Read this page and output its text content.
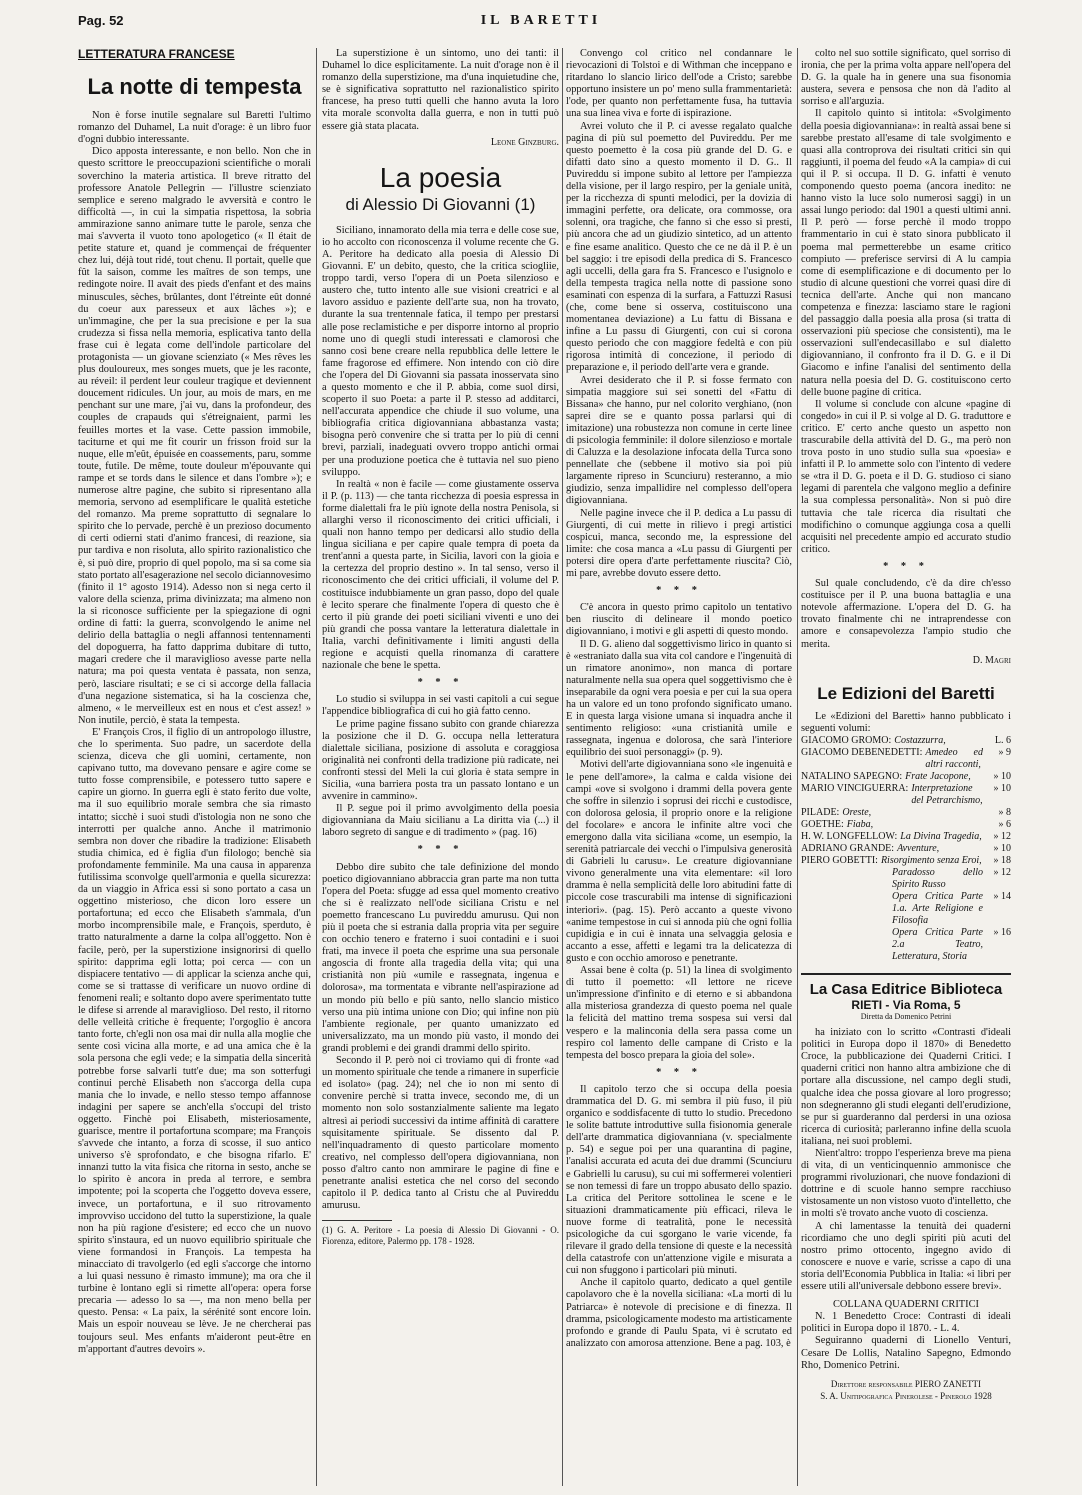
Pag. 52	IL BARETTI

LETTERATURA FRANCESE

La notte di tempesta

Non è forse inutile segnalare sul Baretti l'ultimo romanzo del Duhamel, La nuit d'orage: è un libro fuor d'ogni dubbio interessante.

Dico apposta interessante, e non bello. Non che in questo scrittore le preoccupazioni scientifiche o morali soverchino la materia artistica. Il breve ritratto del professore Anatole Pellegrin — l'illustre scienziato semplice e sereno malgrado le avversità e contro le difficoltà —, in cui la simpatia rispettosa, la sobria ammirazione sanno animare tutte le parole, senza che mai s'avverta il vuoto tono apologetico (« Il était de petite stature et, quand je commençai de fréquenter chez lui, déjà tout ridé, tout chenu. Il portait, quelle que fût la saison, comme les maîtres de son temps, une redingote noire. Il avait des pieds d'enfant et des mains minuscules, sèches, brûlantes, dont l'étreinte eût donné du coeur aux paresseux et aux lâches »); e un'immagine, che per la sua precisione e per la sua crudezza si fissa nella memoria, esplicativa tanto della frase cui è legata come dell'indole particolare del protagonista — un giovane scienziato (« Mes rêves les plus douloureux, mes songes muets, que je les raconte, au réveil: il perdent leur couleur tragique et deviennent doucement ridicules. Un jour, au mois de mars, en me penchant sur une mare, j'ai vu, dans la profondeur, des couples de crapauds qui s'étreignaient, parmi les feuilles mortes et la vase. Cette passion immobile, taciturne et qui me fit courir un frisson froid sur la nuque, elle m'eût, épuisée en coassements, paru, somme toute, futile. De même, toute douleur m'épouvante qui rampe et se tords dans le silence et dans l'ombre »); e numerose altre pagine, che subito si ripresentano alla memoria, servono ad esemplificare le qualità estetiche del romanzo. Ma preme soprattutto di segnalare lo spirito che lo pervade, perchè è un prezioso documento di certi odierni stati d'animo francesi, di reazione, sia pur tardiva e non risoluta, allo spirito razionalistico che è, si può dire, proprio di quel popolo, ma si sa come sia stato portato all'esagerazione nel secolo diciannovesimo (finito il 1° agosto 1914). Adesso non si nega certo il valore della scienza, prima divinizzata; ma almeno non la si riconosce sufficiente per la spiegazione di ogni ordine di fatti: la guerra, sconvolgendo le anime nel delirio della battaglia o negli affannosi tentennamenti del dopoguerra, ha fatto dapprima dubitare di tutto, magari credere che il maraviglioso avesse parte nella natura; ma poi questa ventata è passata, non senza, però, lasciare risultati; e se ci si accorge della fallacia d'una negazione sistematica, si ha la coscienza che, almeno, « le merveilleux est en nous et c'est assez! » Non inutile, perciò, è stata la tempesta.

E' François Cros, il figlio di un antropologo illustre, che lo sperimenta. Suo padre, un sacerdote della scienza, diceva che gli uomini, certamente, non capivano tutto, ma dovevano pensare e agire come se tutto fosse comprensibile, e potessero tutto sapere e capire un giorno. In guerra egli è stato ferito due volte, ma il suo equilibrio morale sembra che sia rimasto intatto; sicchè i suoi studi d'istologia non ne sono che interrotti per qualche anno. Anche il matrimonio sembra non dover che ribadire la tradizione: Elisabeth studia chimica, ed è figlia d'un filologo; benchè sia profondamente femminile. Ma una causa in apparenza futilissima sconvolge quell'armonia e quella sicurezza: da un viaggio in Africa essi si sono portato a casa un oggettino misterioso, che dicon loro essere un portafortuna; ed ecco che Elisabeth s'ammala, d'un morbo incomprensibile male, e François, sperduto, è tratto naturalmente a darne la colpa all'oggetto. Non è facile, però, per la superstizione insignorirsi di quello spirito: dapprima egli lotta; poi cerca — con un dispiacere tentativo — di applicar la scienza anche qui, come se si trattasse di verificare un nuovo ordine di fenomeni reali; e soltanto dopo avere sperimentato tutte le difese si arrende al maraviglioso. Del resto, il ritorno delle velleità critiche è frequente; l'orgoglio è ancora tanto forte, ch'egli non osa mai dir nulla alla moglie che sente così vicina alla morte, e ad una amica che è la sola persona che egli vede; e la simpatia della sincerità potrebbe forse salvarli tutt'e due; ma son sotterfugi continui perchè Elisabeth non s'accorga della cupa mania che lo invade, e nello stesso tempo affannose indagini per sapere se anch'ella s'occupi del tristo oggetto. Finchè poi Elisabeth, misteriosamente, guarisce, mentre il portafortuna scompare; ma François s'avvede che intanto, a forza di scosse, il suo antico universo s'è sprofondato, e che bisogna rifarlo. E' innanzi tutto la vita fisica che ritorna in sesto, anche se lo spirito è ancora in preda al terrore, e sembra impotente; poi la scoperta che l'oggetto doveva essere, invece, un portafortuna, e il suo ritrovamento improvviso uccidono del tutto la superstizione, la quale non ha più ragione d'esistere; ed ecco che un nuovo spirito s'instaura, ed un nuovo equilibrio spirituale che viene formandosi in François. La tempesta ha minacciato di travolgerlo (ed egli s'accorge che intorno a lui quasi nessuno è rimasto immune); ma ora che il turbine è lontano egli si rimette all'opera: opera forse precaria — adesso lo sa —, ma non meno bella per questo. Pensa: « La paix, la sérénité sont encore loin. Mais un espoir nouveau se lève. Je ne chercherai pas toujours seul. Mes enfants m'aideront peut-être en m'apportant d'autres devoirs ».

La superstizione è un sintomo, uno dei tanti: il Duhamel lo dice esplicitamente. La nuit d'orage non è il romanzo della superstizione, ma d'una inquietudine che, se è significativa soprattutto nel razionalistico spirito francese, ha preso tutti quelli che hanno avuta la loro vita morale sconvolta dalla guerra, e non in tutti può essere già stata placata.

Leone Ginzburg.

La poesia

di Alessio Di Giovanni (1)

Siciliano, innamorato della mia terra e delle cose sue, io ho accolto con riconoscenza il volume recente che G. A. Peritore ha dedicato alla poesia di Alessio Di Giovanni. E' un debito, questo, che la critica sciogliie, troppo tardi, verso l'opera di un Poeta silenzioso e austero che, tutto intento alle sue visioni creatrici e al lavoro assiduo e paziente dell'arte sua, non ha trovato, durante la sua trentennale fatica, il tempo per prestarsi alle pose reclamistiche e per disporre intorno al proprio nome uno di quegli studi interessati e clamorosi che sanno così bene creare nella repubblica delle lettere le fame fragorose ed effimere. Non intendo con ciò dire che l'opera del Di Giovanni sia passata inosservata sino a questo momento e che il P. abbia, come suol dirsi, scoperto il suo Poeta: a parte il P. stesso ad additarci, nell'accurata appendice che chiude il suo volume, una bibliografia critica digiovanniana abbastanza vasta; bisogna però convenire che si tratta per lo più di cenni brevi, parziali, inadeguati ovvero troppo antichi ormai per una produzione poetica che è tuttavia nel suo pieno sviluppo.

In realtà « non è facile — come giustamente osserva il P. (p. 113) — che tanta ricchezza di poesia espressa in forme dialettali fra le più ignote della nostra Penisola, si allarghi verso il riconoscimento dei critici ufficiali, i quali non hanno tempo per dedicarsi allo studio della lingua siciliana e per capire quale tempra di poeta da trent'anni a questa parte, in Sicilia, lavori con la gioia e la certezza del proprio destino ». In tal senso, verso il riconoscimento che dei critici ufficiali, il volume del P. costituisce indubbiamente un gran passo, dopo del quale è lecito sperare che finalmente l'opera di questo che è certo il più grande dei poeti siciliani viventi e uno dei più grandi che possa vantare la letteratura dialettale in Italia, varchi definitivamente i limiti angusti della regione e acquisti quella rinomanza di carattere nazionale che bene le spetta.

* * *

Lo studio si sviluppa in sei vasti capitoli a cui segue l'appendice bibliografica di cui ho già fatto cenno.

Le prime pagine fissano subito con grande chiarezza la posizione che il D. G. occupa nella letteratura dialettale siciliana, posizione di assoluta e coraggiosa originalità nei confronti della tradizione più radicate, nei confronti stessi del Meli la cui gloria è stata sempre in Sicilia, «una barriera posta tra un passato lontano e un avvenire in cammino».

Il P. segue poi il primo avvolgimento della poesia digiovanniana da Maiu sicilianu a La diritta via (...) il laboro segreto di sangue e di tradimento » (pag. 16)

* * *

Debbo dire subito che tale definizione del mondo poetico digiovanniano abbraccia gran parte ma non tutta l'opera del Poeta: sfugge ad essa quel momento creativo che si è realizzato nell'ode siciliana Cristu e nel poemetto francescano Lu puvireddu amurusu. Qui non più il poeta che si estrania dalla propria vita per seguire con occhio tenero e fraterno i suoi contadini e i suoi frati, ma invece il poeta che esprime una sua personale angoscia di fronte alla tragedia della vita; qui una cristianità non più «umile e rassegnata, ingenua e dolorosa», ma tormentata e vibrante nell'aspirazione ad un mondo più bello e più santo, nello slancio mistico verso una più intima unione con Dio; qui infine non più l'ambiente regionale, per quanto umanizzato ed universalizzato, ma un mondo più vasto, il mondo dei grandi problemi e dei grandi drammi dello spirito.

Secondo il P. però noi ci troviamo qui di fronte «ad un momento spirituale che tende a rimanere in superficie ed isolato» (pag. 24); nel che io non mi sento di convenire perchè si tratta invece, secondo me, di un momento non solo sostanzialmente saliente ma legato altresì ai periodi successivi da intime affinità di carattere squisitamente spirituale. Se dissento dal P. nell'inquadramento di questo particolare momento creativo, nel complesso dell'opera digiovanniana, non posso d'altro canto non ammirare le pagine di fine e penetrante analisi estetica che nel corso del secondo capitolo il P. dedica tanto al Cristu che al Puvireddu amurusu.

(1) G. A. Peritore - La poesia di Alessio Di Giovanni - O. Fiorenza, editore, Palermo pp. 178 - 1928.

Convengo col critico nel condannare le rievocazioni di Tolstoi e di Withman che inceppano e ritardano lo slancio lirico dell'ode a Cristo; sarebbe opportuno insistere un po' meno sulla frammentarietà: l'ode, per quanto non perfettamente fusa, ha tuttavia una sua linea viva e forte di ispirazione.

Avrei voluto che il P. ci avesse regalato qualche pagina di più sul poemetto del Puvireddu. Per me questo poemetto è la cosa più grande del D. G. e difatti dato sino a questo momento il D. G.. Il Puvireddu si impone subito al lettore per l'ampiezza della visione, per il largo respiro, per la geniale unità, per la ricchezza di spunti melodici, per la dovizia di immagini perfette, ora delicate, ora commosse, ora solenni, ora tragiche, che fanno sì che esso si presti, più ancora che ad un giudizio sintetico, ad un attento e fine esame analitico. Questo che ce ne dà il P. è un bel saggio: i tre episodi della predica di S. Francesco agli uccelli, della gara fra S. Francesco e l'usignolo e della tempesta tragica nella notte di passione sono esaminati con espenza di la surfara, a Fattuzzi Rasusi (che, come bene si osserva, costituiscono una momentanea deviazione) a Lu fattu di Bissana e infine a Lu passu di Giurgenti, con cui si corona questo periodo che con maggiore fedeltà e con più rigorosa intimità di concezione, il periodo di preparazione e, il periodo dell'arte vera e grande.

Avrei desiderato che il P. si fosse fermato con simpatia maggiore sui sei sonetti del «Fattu di Bissana» che hanno, pur nel colorito verghiano, (non saprei dire se e quanto possa parlarsi qui di imitazione) una robustezza non comune in certe linee di psicologia femminile: il dolore silenzioso e mortale di Caluzza e la desolazione infocata della Turca sono pennellate che (sebbene il motivo sia poi più largamente ripreso in Scunciuru) resteranno, a mio giudizio, senza impallidire nel complesso dell'opera digiovanniana.

Nelle pagine invece che il P. dedica a Lu passu di Giurgenti, di cui mette in rilievo i pregi artistici cospicui, manca, secondo me, la espressione del limite: che cosa manca a «Lu passu di Giurgenti per potersi dire opera d'arte perfettamente riuscita? Ciò, mi pare, avrebbe dovuto essere detto.

* * *

C'è ancora in questo primo capitolo un tentativo ben riuscito di delineare il mondo poetico digiovanniano, i motivi e gli aspetti di questo mondo.

Il D. G. alieno dal soggettivismo lirico in quanto si è «estraniato dalla sua vita col candore e l'ingenuità di un rimatore anonimo», non manca di portare naturalmente nella sua opera quel soggettivismo che è inseparabile da ogni vera poesia e per cui la sua opera ha un valore ed un tono profondo significato umano. E in questa larga visione umana si inquadra anche il sentimento religioso: «una cristianità umile e rassegnata, ingenua e dolorosa, che sarà l'interiore equilibrio dei suoi personaggi» (p. 9).

Motivi dell'arte digiovanniana sono «le ingenuità e le pene dell'amore», la calma e calda visione dei campi «ove si svolgono i drammi della povera gente che soffre in silenzio i soprusi dei ricchi e custodisce, con dolorosa gelosia, il proprio onore e la religione del focolare» e ancora le infinite altre voci che emergono dalla vita siciliana «come, un esempio, la serenità patriarcale dei vecchi o l'impulsiva generosità di Gabrieli lu carusu». Le creature digiovanniane vivono generalmente una vita elementare: «il loro dramma è nella semplicità delle loro abitudini fatte di piccole cose trascurabili ma intense di significazioni interiori». (pag. 15). Però accanto a queste vivono «anime tempestose in cui si annoda più che ogni follia cupidigia e in cui è innata una selvaggia gelosia e accanto a esse, affetti e legami tra la delicatezza di gusto e con occhio amoroso e penetrante.

Assai bene è colta (p. 51) la linea di svolgimento di tutto il poemetto: «Il lettore ne riceve un'impressione d'infinito e di eterno e si abbandona alla misteriosa grandezza di questo poema nel quale la felicità del mattino trema sospesa sui versi dal vespero e la malinconia della sera passa come un respiro col lamento delle campane di Cristo e la tempesta del bosco prepara la gioia del sole».

* * *

Il capitolo terzo che si occupa della poesia drammatica del D. G. mi sembra il più fuso, il più organico e soddisfacente di tutto lo studio. Precedono le solite battute introduttive sulla fisionomia generale dell'arte drammatica digiovanniana (v. specialmente p. 54) e segue poi per una quarantina di pagine, l'analisi accurata ed acuta dei due drammi (Scunciuru e Gabrielli lu carusu), su cui mi soffermerei volentieri se non temessi di fare un troppo abusato dello spazio. La critica del Peritore sottolinea le scene e le situazioni drammaticamente più efficaci, rileva le nuove forme di teatralità, pone le necessità psicologiche da cui sgorgano le varie vicende, fa rilevare il grado della tensione di queste e la necessità della catastrofe con un'attenzione vigile e misurata a cui non sfuggono i particolari più minuti.

Anche il capitolo quarto, dedicato a quel gentile capolavoro che è la novella siciliana: «La morti di lu Patriarca» è notevole di precisione e di finezza. Il dramma, psicologicamente modesto ma artisticamente profondo e grande di Paulu Spata, vi è scrutato ed analizzato con amorosa attenzione. Bene a pag. 103, è

colto nel suo sottile significato, quel sorriso di ironia, che per la prima volta appare nell'opera del D. G. la quale ha in genere una sua fisonomia austera, severa e pensosa che non dà l'adito al sorriso e all'arguzia.

Il capitolo quinto si intitola: «Svolgimento della poesia digiovanniana»: in realtà assai bene si sarebbe prestato all'esame di tale svolgimento e quasi alla controprova dei risultati critici sin qui raggiunti, il poema del feudo «A la campia» di cui qui il P. si occupa. Il D. G. infatti è venuto componendo questo poema (ancora inedito: ne hanno visto la luce solo numerosi saggi) in un assai lungo periodo: dal 1901 a questi ultimi anni. Il P. però — forse perchè il modo troppo frammentario in cui è stato sinora pubblicato il poema mal permetterebbe un esame critico compiuto — preferisce servirsi di A lu campia come di esemplificazione e di documento per lo studio di alcune questioni che vorrei quasi dire di tecnica dell'arte. Anche qui non mancano competenza e finezza: lasciamo stare le ragioni del passaggio dalla poesia alla prosa (si tratta di osservazioni più speciose che consistenti), ma le osservazioni sull'endecasillabo e sul dialetto digiovanniano, il confronto fra il D. G. e il Di Giacomo e infine l'analisi del sentimento della natura nella poesia del D. G. costituiscono certo delle buone pagine di critica.

Il volume si conclude con alcune «pagine di congedo» in cui il P. si volge al D. G. traduttore e critico. E' certo anche questo un aspetto non trascurabile della attività del D. G., ma però non trova posto in uno studio sulla sua «poesia» e infatti il P. lo ammette solo con l'intento di vedere se «tra il D. G. poeta e il D. G. studioso ci siano legami di parentela che valgono meglio a definire la sua complessa personalità». Non si può dire tuttavia che tale ricerca dia risultati che modifichino o comunque aggiunga cosa a quelli acquisiti nel precedente ampio ed accurato studio critico.

* * *

Sul quale concludendo, c'è da dire ch'esso costituisce per il P. una buona battaglia e una notevole affermazione. L'opera del D. G. ha trovato finalmente chi ne intraprendesse con amore e consapevolezza l'ampio studio che merita.

D. Magri

Le Edizioni del Baretti

Le «Edizioni del Baretti» hanno pubblicato i seguenti volumi:

GIACOMO GROMO: Costazzurra,	L. 6
GIACOMO DEBENEDETTI: Amedeo ed altri racconti,
» 9
NATALINO SAPEGNO: Frate Jacopone,	» 10
MARIO VINCIGUERRA: Interpretazione del Petrarchismo,
» 10
PILADE: Oreste,	» 8
GOETHE: Fiaba,	» 6
H. W. LONGFELLOW: La Divina Tragedia,	» 12
ADRIANO GRANDE: Avventure,	» 10
PIERO GOBETTI: Risorgimento senza Eroi,	» 18
Paradosso dello Spirito Russo
» 12
Opera Critica Parte 1.a. Arte Religione e Filosofia
» 14
Opera Critica Parte 2.a Teatro, Letteratura, Storia
» 16

La Casa Editrice Biblioteca

RIETI - Via Roma, 5

Diretta da Domenico Petrini

ha iniziato con lo scritto «Contrasti d'ideali politici in Europa dopo il 1870» di Benedetto Croce, la pubblicazione dei Quaderni Critici. I quaderni critici non hanno altra ambizione che di portare alla discussione, nel campo degli studi, qualche idea che possa giovare al loro progresso; non sdegneranno gli studi eleganti dell'erudizione, se pur si guarderanno dal perdersi in una oziosa ricerca di curiosità; parleranno infine della scuola italiana, nei suoi problemi.

Nient'altro: troppo l'esperienza breve ma piena di vita, di un venticinquennio ammonisce che programmi rivoluzionari, che nuove fondazioni di dottrine e di scuole hanno sempre racchiuso vistosamente un non vistoso vuoto d'intelletto, che in molti s'è trovato anche vuoto di coscienza.

A chi lamentasse la tenuità dei quaderni ricordiamo che uno degli spiriti più acuti del nostro primo ottocento, ingegno avido di conoscere e nuove e varie, scrisse a capo di una storia dell'Economia Pubblica in Italia: «i libri per essere utili all'universale debbono essere brevi».

COLLANA QUADERNI CRITICI

N. 1 Benedetto Croce: Contrasti di ideali politici in Europa dopo il 1870. - L. 4.

Seguiranno quaderni di Lionello Venturi, Cesare De Lollis, Natalino Sapegno, Edmondo Rho, Domenico Petrini.

Direttore responsabile PIERO ZANETTI

S. A. Unitipografica Pinerolese - Pinerolo 1928
